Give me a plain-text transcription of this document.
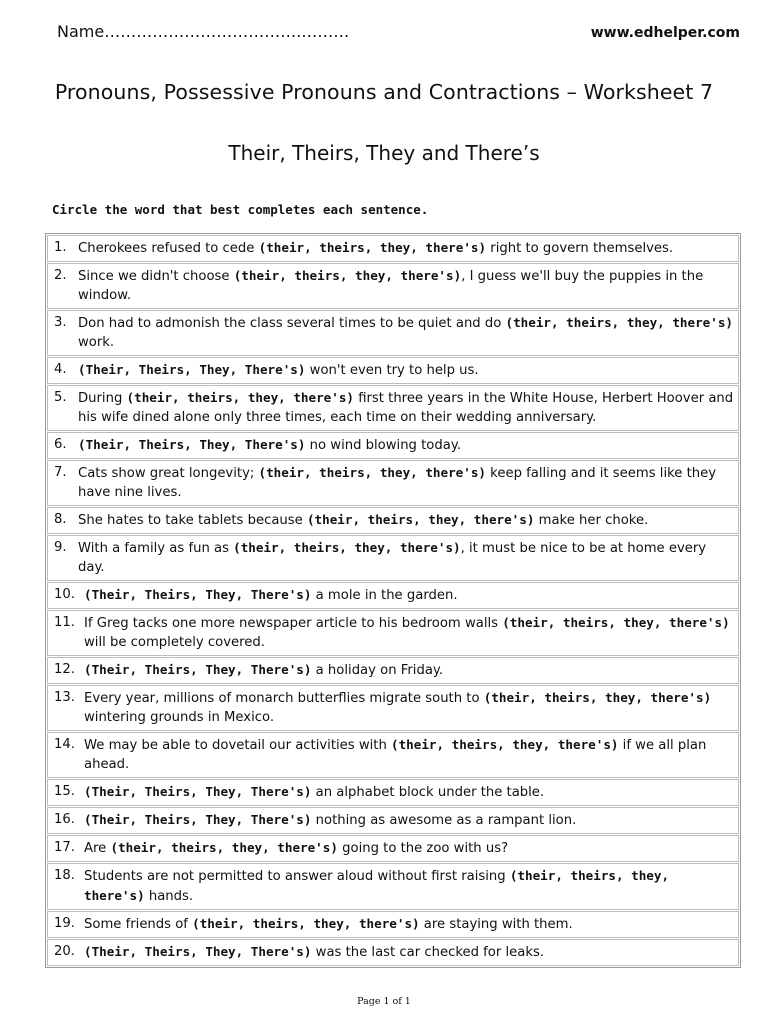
Name……………………………….………	www.edhelper.com
Pronouns, Possessive Pronouns and Contractions – Worksheet 7
Their, Theirs, They and There’s
Circle the word that best completes each sentence.
1. Cherokees refused to cede (their, theirs, they, there's) right to govern themselves.
2. Since we didn't choose (their, theirs, they, there's), I guess we'll buy the puppies in the window.
3. Don had to admonish the class several times to be quiet and do (their, theirs, they, there's) work.
4. (Their, Theirs, They, There's) won't even try to help us.
5. During (their, theirs, they, there's) first three years in the White House, Herbert Hoover and his wife dined alone only three times, each time on their wedding anniversary.
6. (Their, Theirs, They, There's) no wind blowing today.
7. Cats show great longevity; (their, theirs, they, there's) keep falling and it seems like they have nine lives.
8. She hates to take tablets because (their, theirs, they, there's) make her choke.
9. With a family as fun as (their, theirs, they, there's), it must be nice to be at home every day.
10. (Their, Theirs, They, There's) a mole in the garden.
11. If Greg tacks one more newspaper article to his bedroom walls (their, theirs, they, there's) will be completely covered.
12. (Their, Theirs, They, There's) a holiday on Friday.
13. Every year, millions of monarch butterflies migrate south to (their, theirs, they, there's) wintering grounds in Mexico.
14. We may be able to dovetail our activities with (their, theirs, they, there's) if we all plan ahead.
15. (Their, Theirs, They, There's) an alphabet block under the table.
16. (Their, Theirs, They, There's) nothing as awesome as a rampant lion.
17. Are (their, theirs, they, there's) going to the zoo with us?
18. Students are not permitted to answer aloud without first raising (their, theirs, they, there's) hands.
19. Some friends of (their, theirs, they, there's) are staying with them.
20. (Their, Theirs, They, There's) was the last car checked for leaks.
Page 1 of 1
